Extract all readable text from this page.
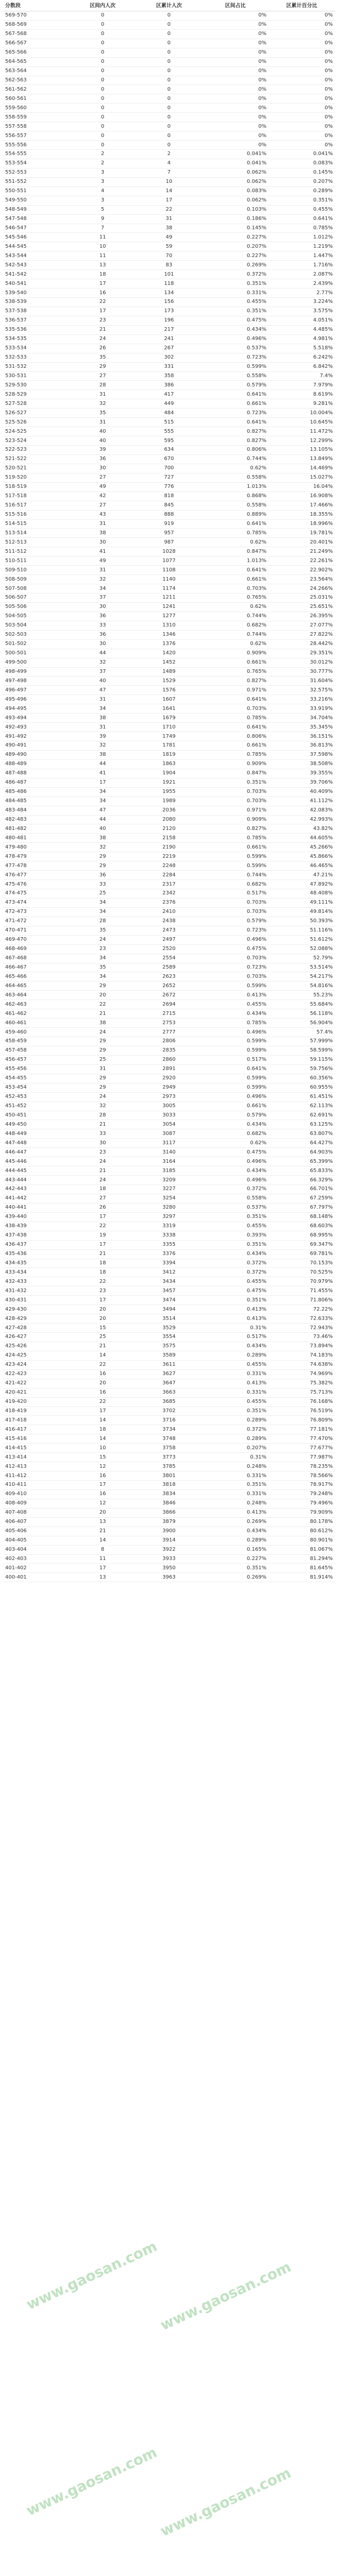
分数段	区间内人次	区累计人次	区间占比	区累计百分比
569-570	0	0	0%	0%
568-569	0	0	0%	0%
567-568	0	0	0%	0%
566-567	0	0	0%	0%
565-566	0	0	0%	0%
564-565	0	0	0%	0%
563-564	0	0	0%	0%
562-563	0	0	0%	0%
561-562	0	0	0%	0%
560-561	0	0	0%	0%
559-560	0	0	0%	0%
558-559	0	0	0%	0%
557-558	0	0	0%	0%
556-557	0	0	0%	0%
555-556	0	0	0%	0%
554-555	2	2	0.041%	0.041%
553-554	2	4	0.041%	0.083%
552-553	3	7	0.062%	0.145%
551-552	3	10	0.062%	0.207%
550-551	4	14	0.083%	0.289%
549-550	3	17	0.062%	0.351%
548-549	5	22	0.103%	0.455%
547-548	9	31	0.186%	0.641%
546-547	7	38	0.145%	0.785%
545-546	11	49	0.227%	1.012%
544-545	10	59	0.207%	1.219%
543-544	11	70	0.227%	1.447%
542-543	13	83	0.269%	1.716%
541-542	18	101	0.372%	2.087%
540-541	17	118	0.351%	2.439%
539-540	16	134	0.331%	2.77%
538-539	22	156	0.455%	3.224%
537-538	17	173	0.351%	3.575%
536-537	23	196	0.475%	4.051%
535-536	21	217	0.434%	4.485%
534-535	24	241	0.496%	4.981%
533-534	26	267	0.537%	5.518%
532-533	35	302	0.723%	6.242%
531-532	29	331	0.599%	6.842%
530-531	27	358	0.558%	7.4%
529-530	28	386	0.579%	7.979%
528-529	31	417	0.641%	8.619%
527-528	32	449	0.661%	9.281%
526-527	35	484	0.723%	10.004%
525-526	31	515	0.641%	10.645%
524-525	40	555	0.827%	11.472%
523-524	40	595	0.827%	12.299%
522-523	39	634	0.806%	13.105%
521-522	36	670	0.744%	13.849%
520-521	30	700	0.62%	14.469%
519-520	27	727	0.558%	15.027%
518-519	49	776	1.013%	16.04%
517-518	42	818	0.868%	16.908%
516-517	27	845	0.558%	17.466%
515-516	43	888	0.889%	18.355%
514-515	31	919	0.641%	18.996%
513-514	38	957	0.785%	19.781%
512-513	30	987	0.62%	20.401%
511-512	41	1028	0.847%	21.249%
510-511	49	1077	1.013%	22.261%
509-510	31	1108	0.641%	22.902%
508-509	32	1140	0.661%	23.564%
507-508	34	1174	0.703%	24.266%
506-507	37	1211	0.765%	25.031%
505-506	30	1241	0.62%	25.651%
504-505	36	1277	0.744%	26.395%
503-504	33	1310	0.682%	27.077%
502-503	36	1346	0.744%	27.822%
501-502	30	1376	0.62%	28.442%
500-501	44	1420	0.909%	29.351%
499-500	32	1452	0.661%	30.012%
498-499	37	1489	0.765%	30.777%
497-498	40	1529	0.827%	31.604%
496-497	47	1576	0.971%	32.575%
495-496	31	1607	0.641%	33.216%
494-495	34	1641	0.703%	33.919%
493-494	38	1679	0.785%	34.704%
492-493	31	1710	0.641%	35.345%
491-492	39	1749	0.806%	36.151%
490-491	32	1781	0.661%	36.813%
489-490	38	1819	0.785%	37.598%
488-489	44	1863	0.909%	38.508%
487-488	41	1904	0.847%	39.355%
486-487	17	1921	0.351%	39.706%
485-486	34	1955	0.703%	40.409%
484-485	34	1989	0.703%	41.112%
483-484	47	2036	0.971%	42.083%
482-483	44	2080	0.909%	42.993%
481-482	40	2120	0.827%	43.82%
480-481	38	2158	0.785%	44.605%
479-480	32	2190	0.661%	45.266%
478-479	29	2219	0.599%	45.866%
477-478	29	2248	0.599%	46.465%
476-477	36	2284	0.744%	47.21%
475-476	33	2317	0.682%	47.892%
474-475	25	2342	0.517%	48.408%
473-474	34	2376	0.703%	49.111%
472-473	34	2410	0.703%	49.814%
471-472	28	2438	0.579%	50.393%
470-471	35	2473	0.723%	51.116%
469-470	24	2497	0.496%	51.612%
468-469	23	2520	0.475%	52.088%
467-468	34	2554	0.703%	52.79%
466-467	35	2589	0.723%	53.514%
465-466	34	2623	0.703%	54.217%
464-465	29	2652	0.599%	54.816%
463-464	20	2672	0.413%	55.23%
462-463	22	2694	0.455%	55.684%
461-462	21	2715	0.434%	56.118%
460-461	38	2753	0.785%	56.904%
459-460	24	2777	0.496%	57.4%
458-459	29	2806	0.599%	57.999%
457-458	29	2835	0.599%	58.599%
456-457	25	2860	0.517%	59.115%
455-456	31	2891	0.641%	59.756%
454-455	29	2920	0.599%	60.356%
453-454	29	2949	0.599%	60.955%
452-453	24	2973	0.496%	61.451%
451-452	32	3005	0.661%	62.113%
450-451	28	3033	0.579%	62.691%
449-450	21	3054	0.434%	63.125%
448-449	33	3087	0.682%	63.807%
447-448	30	3117	0.62%	64.427%
446-447	23	3140	0.475%	64.903%
445-446	24	3164	0.496%	65.399%
444-445	21	3185	0.434%	65.833%
443-444	24	3209	0.496%	66.329%
442-443	18	3227	0.372%	66.701%
441-442	27	3254	0.558%	67.259%
440-441	26	3280	0.537%	67.797%
439-440	17	3297	0.351%	68.148%
438-439	22	3319	0.455%	68.603%
437-438	19	3338	0.393%	68.995%
436-437	17	3355	0.351%	69.347%
435-436	21	3376	0.434%	69.781%
434-435	18	3394	0.372%	70.153%
433-434	18	3412	0.372%	70.525%
432-433	22	3434	0.455%	70.979%
431-432	23	3457	0.475%	71.455%
430-431	17	3474	0.351%	71.806%
429-430	20	3494	0.413%	72.22%
428-429	20	3514	0.413%	72.633%
427-428	15	3529	0.31%	72.943%
426-427	25	3554	0.517%	73.46%
425-426	21	3575	0.434%	73.894%
424-425	14	3589	0.289%	74.183%
423-424	22	3611	0.455%	74.638%
422-423	16	3627	0.331%	74.969%
421-422	20	3647	0.413%	75.382%
420-421	16	3663	0.331%	75.713%
419-420	22	3685	0.455%	76.168%
418-419	17	3702	0.351%	76.519%
417-418	14	3716	0.289%	76.809%
416-417	18	3734	0.372%	77.181%
415-416	14	3748	0.289%	77.470%
414-415	10	3758	0.207%	77.677%
413-414	15	3773	0.31%	77.987%
412-413	12	3785	0.248%	78.235%
411-412	16	3801	0.331%	78.566%
410-411	17	3818	0.351%	78.917%
409-410	16	3834	0.331%	79.248%
408-409	12	3846	0.248%	79.496%
407-408	20	3866	0.413%	79.909%
406-407	13	3879	0.269%	80.178%
405-406	21	3900	0.434%	80.612%
404-405	14	3914	0.289%	80.901%
403-404	8	3922	0.165%	81.067%
402-403	11	3933	0.227%	81.294%
401-402	17	3950	0.351%	81.645%
400-401	13	3963	0.269%	81.914%
www.gaosan.com
www.gaosan.com
www.gaosan.com
www.gaosan.com
